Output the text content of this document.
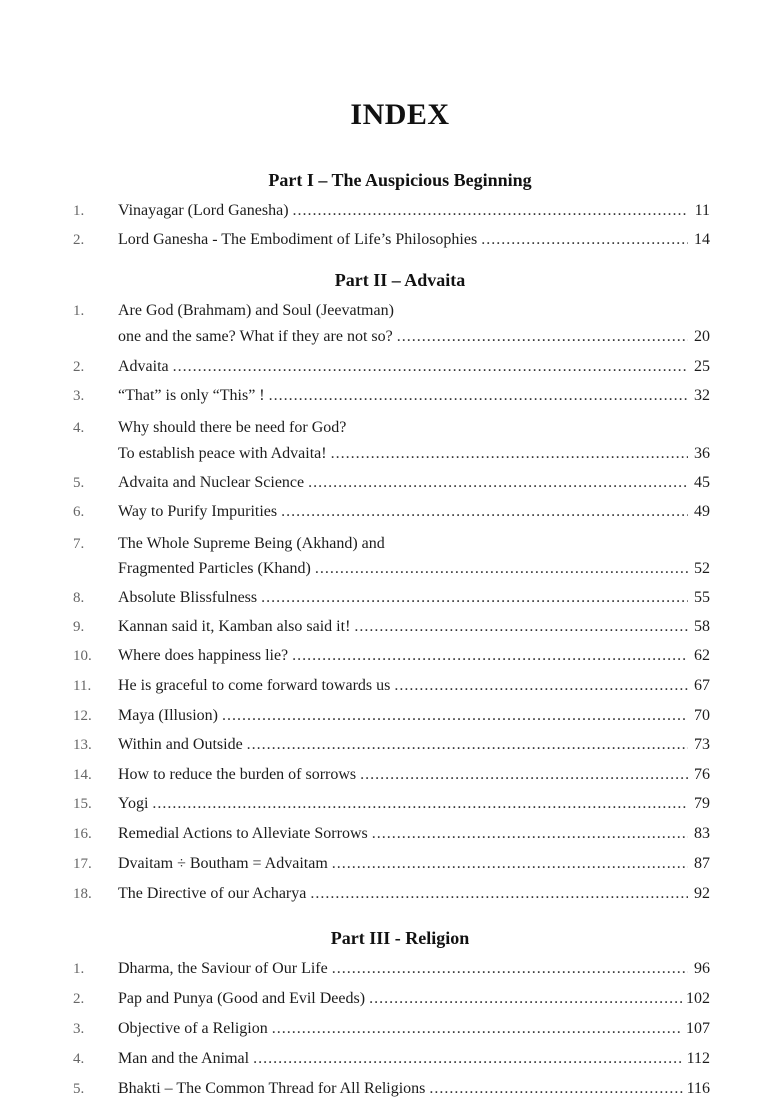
INDEX
Part I – The Auspicious Beginning
1.	Vinayagar (Lord Ganesha) .....	11
2.	Lord Ganesha - The Embodiment of Life’s Philosophies .....	14
Part II – Advaita
1.	Are God (Brahmam) and Soul (Jeevatman)
one and the same? What if they are not so? .....	20
2.	Advaita .....	25
3.	“That” is only “This” ! .....	32
4.	Why should there be need for God?
To establish peace with Advaita! .....	36
5.	Advaita and Nuclear Science .....	45
6.	Way to Purify Impurities .....	49
7.	The Whole Supreme Being (Akhand) and
Fragmented Particles (Khand) .....	52
8.	Absolute Blissfulness .....	55
9.	Kannan said it, Kamban also said it! .....	58
10.	Where does happiness lie? .....	62
11.	He is graceful to come forward towards us .....	67
12.	Maya (Illusion) .....	70
13.	Within and Outside .....	73
14.	How to reduce the burden of sorrows .....	76
15.	Yogi .....	79
16.	Remedial Actions to Alleviate Sorrows .....	83
17.	Dvaitam ÷ Boutham = Advaitam .....	87
18.	The Directive of our Acharya .....	92
Part III - Religion
1.	Dharma, the Saviour of Our Life .....	96
2.	Pap and Punya (Good and Evil Deeds) .....	102
3.	Objective of a Religion .....	107
4.	Man and the Animal .....	112
5.	Bhakti – The Common Thread for All Religions .....	116
